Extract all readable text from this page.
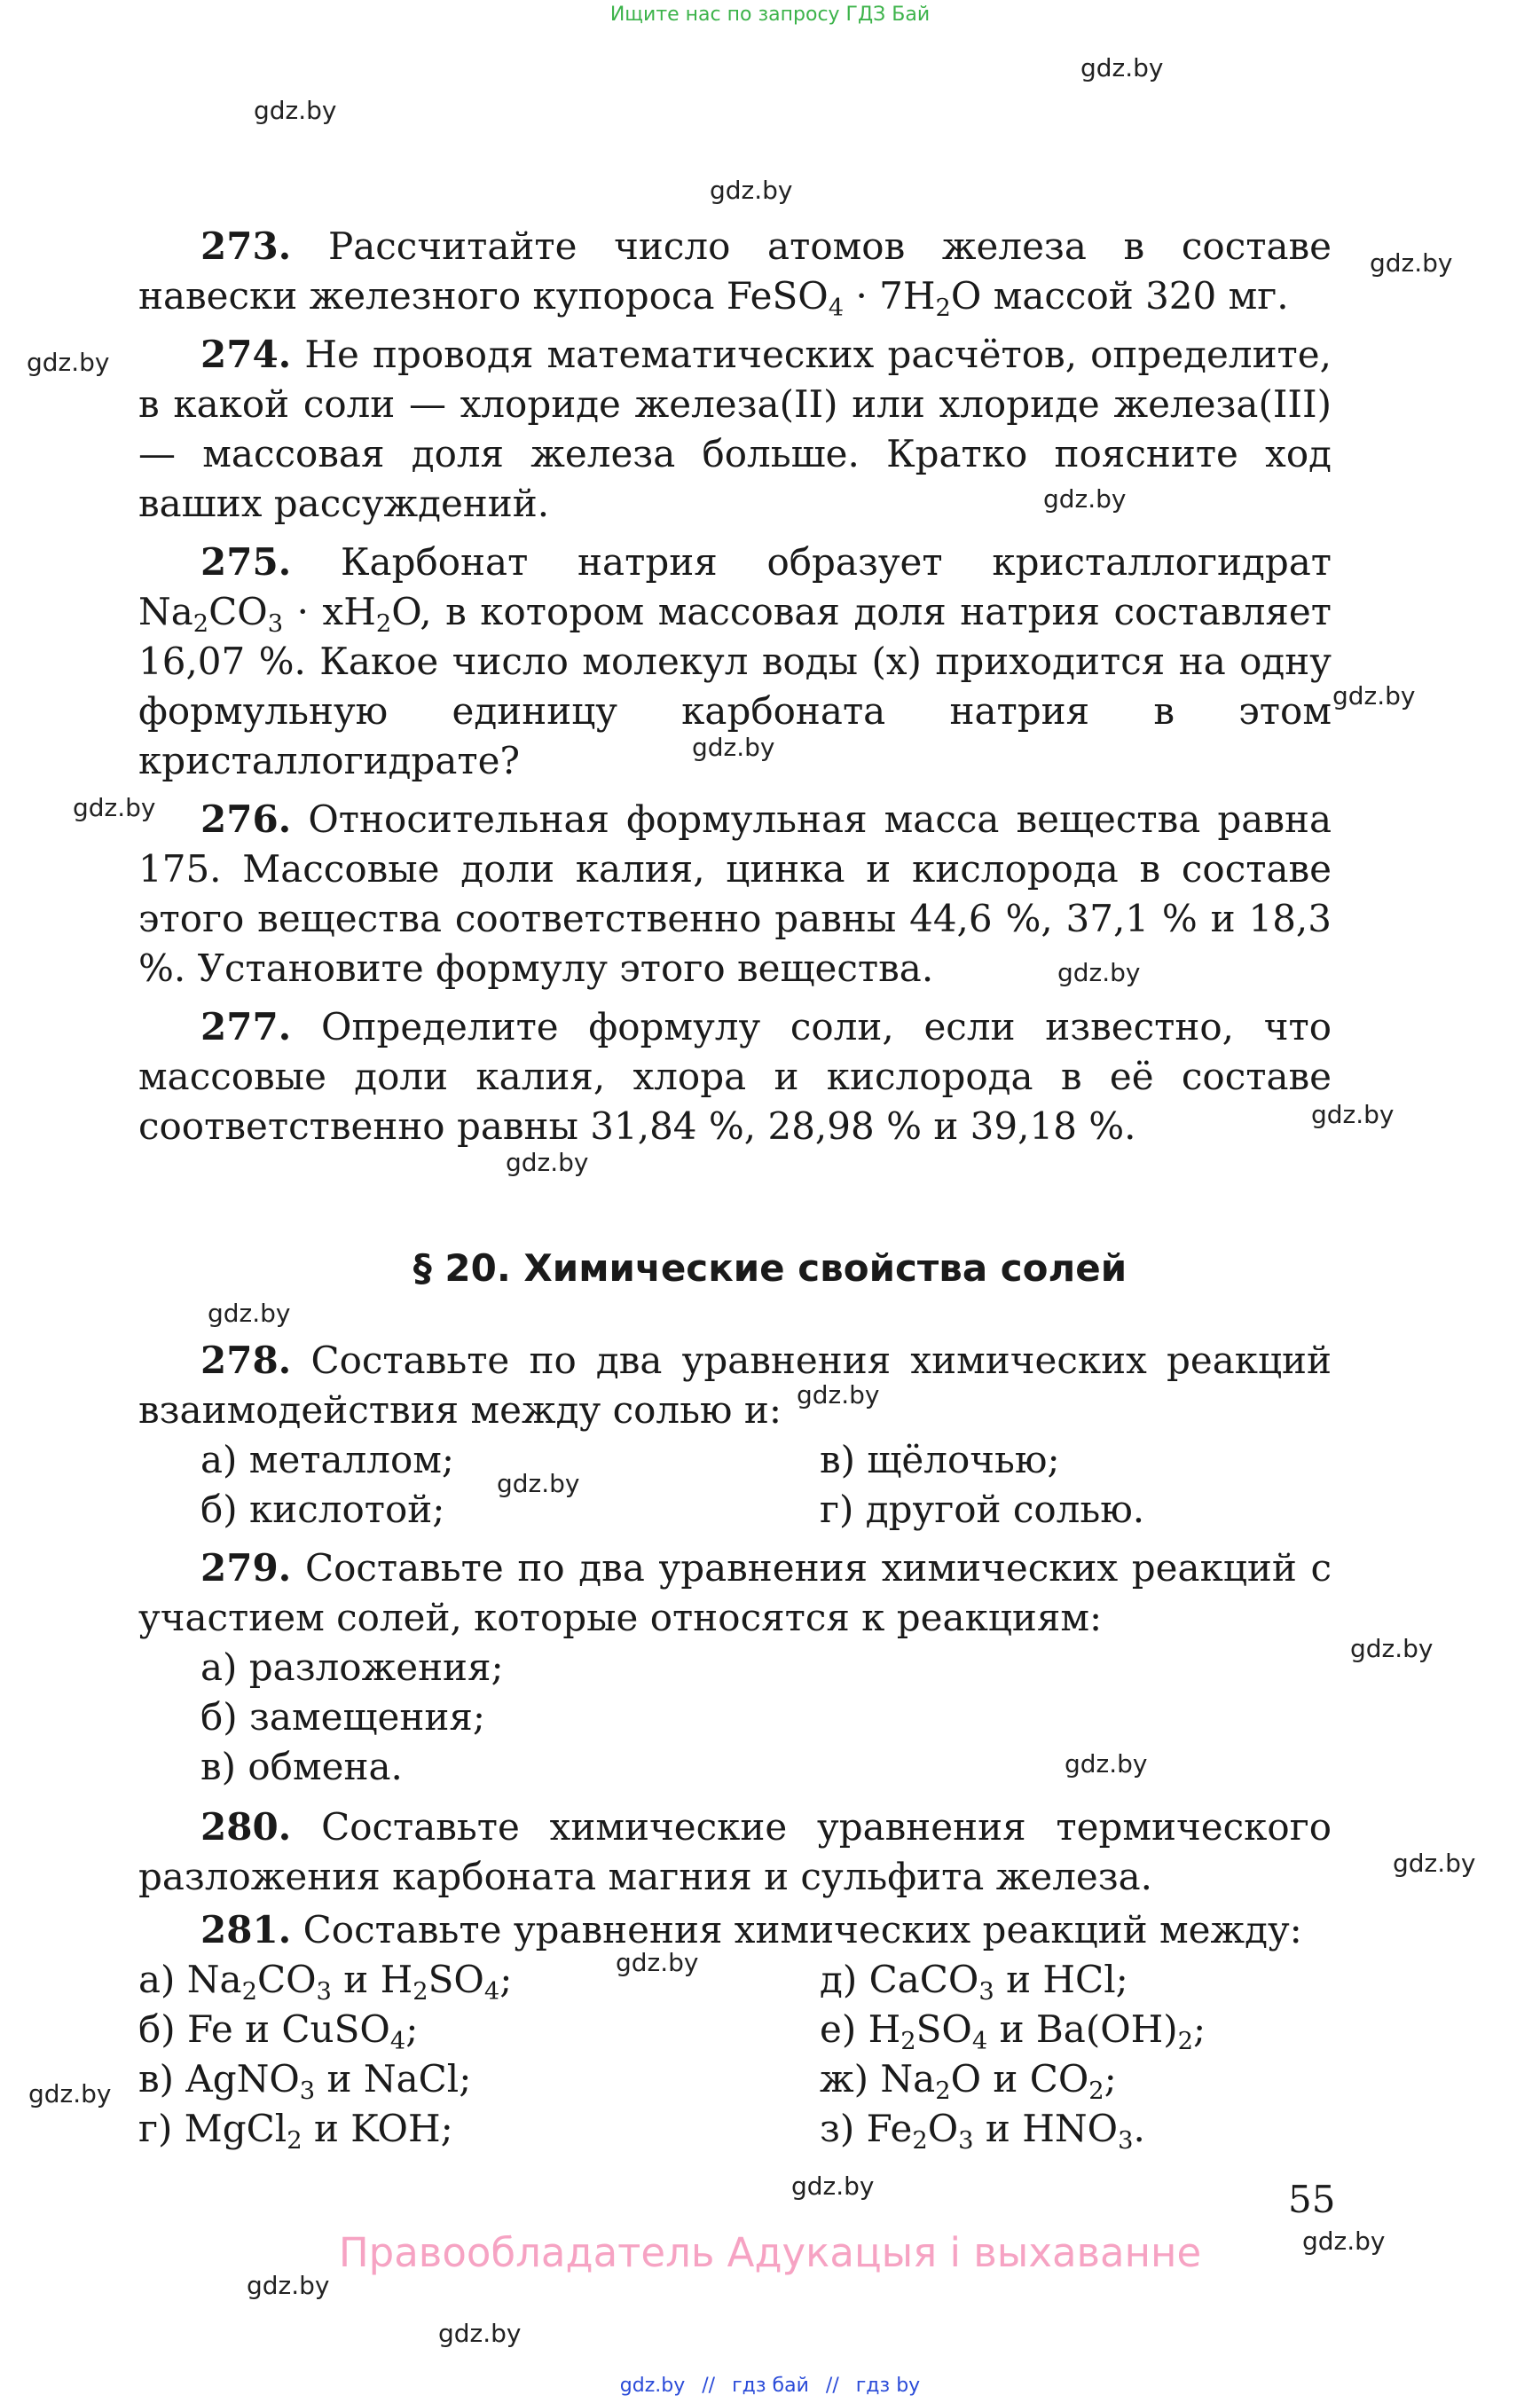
Ищите нас по запросу ГДЗ Бай
gdz.by
gdz.by
gdz.by
gdz.by
gdz.by
gdz.by
gdz.by
gdz.by
gdz.by
gdz.by
gdz.by
gdz.by
gdz.by
gdz.by
gdz.by
gdz.by
gdz.by
gdz.by
gdz.by
gdz.by
gdz.by
gdz.by
gdz.by
gdz.by
273. Рассчитайте число атомов железа в составе навески железного купороса FeSO$_4$ · $7H_2O$ массой 320 мг.
274. Не проводя математических расчётов, определите, в какой соли — хлориде железа(II) или хлориде железа(III) — массовая доля железа больше. Кратко поясните ход ваших рассуждений.
275. Карбонат натрия образует кристаллогидрат $Na_2CO_3 \cdot xH_2O$, в котором массовая доля натрия составляет 16,07 %. Какое число молекул воды (x) приходится на одну формульную единицу карбоната натрия в этом кристаллогидрате?
276. Относительная формульная масса вещества равна 175. Массовые доли калия, цинка и кислорода в составе этого вещества соответственно равны 44,6 %, 37,1 % и 18,3 %. Установите формулу этого вещества.
277. Определите формулу соли, если известно, что массовые доли калия, хлора и кислорода в её составе соответственно равны 31,84 %, 28,98 % и 39,18 %.
§ 20. Химические свойства солей
278. Составьте по два уравнения химических реакций взаимодействия между солью и:
а) металлом;
б) кислотой;
в) щёлочью;
г) другой солью.
279. Составьте по два уравнения химических реакций с участием солей, которые относятся к реакциям:
а) разложения;
б) замещения;
в) обмена.
280. Составьте химические уравнения термического разложения карбоната магния и сульфита железа.
281. Составьте уравнения химических реакций между:
а) $Na_2CO_3$ и $H_2SO_4$;
б) Fe и CuSO$_4$;
в) AgNO$_3$ и NaCl;
г) MgCl$_2$ и KOH;
д) CaCO$_3$ и HCl;
е) $H_2SO_4$ и $Ba(OH)_2$;
ж) $Na_2O$ и $CO_2$;
з) $Fe_2O_3$ и $HNO_3$.
55
Правообладатель Адукацыя і выхаванне
gdz.by // гдз бай // гдз by
